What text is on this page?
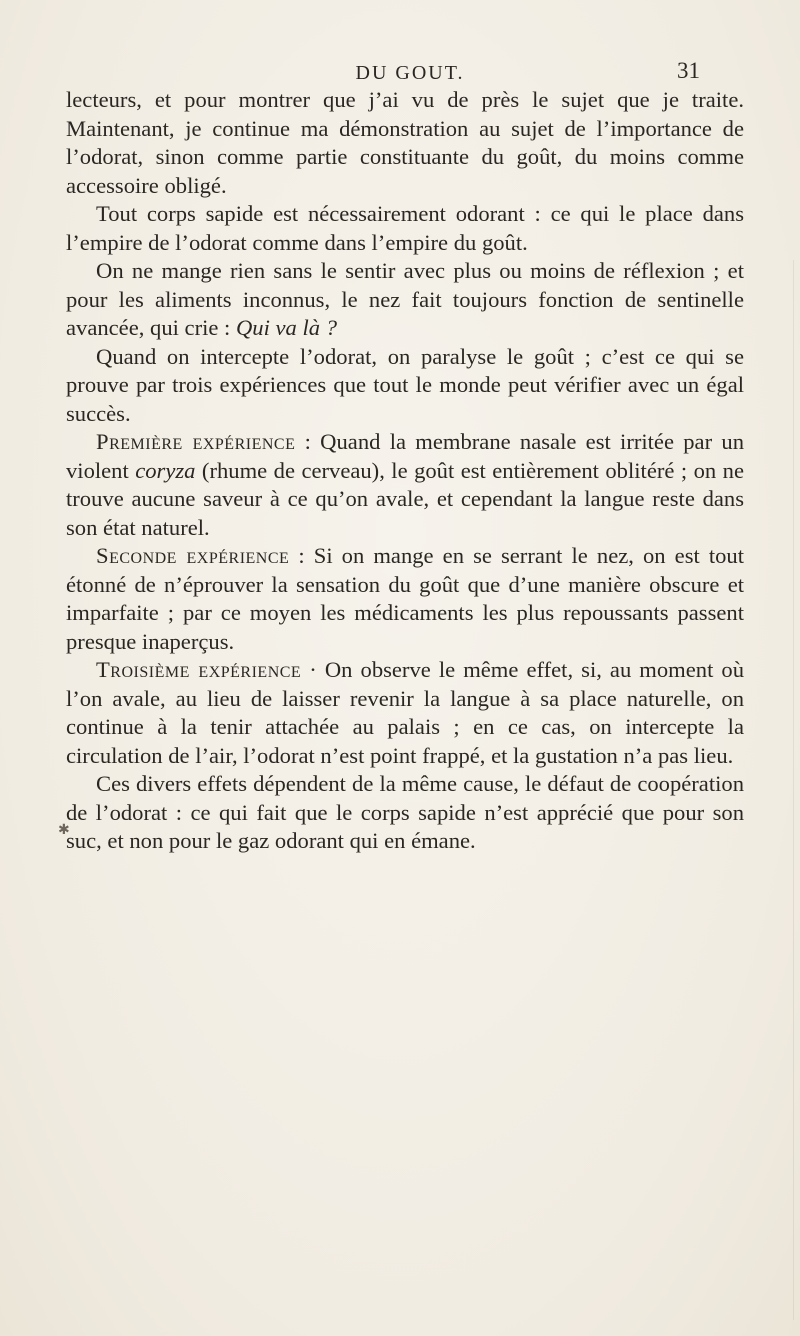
DU GOUT.	31

lecteurs, et pour montrer que j’ai vu de près le sujet que je traite. Maintenant, je continue ma démonstration au sujet de l’importance de l’odorat, sinon comme partie constituante du goût, du moins comme accessoire obligé.

Tout corps sapide est nécessairement odorant : ce qui le place dans l’empire de l’odorat comme dans l’empire du goût.

On ne mange rien sans le sentir avec plus ou moins de réflexion ; et pour les aliments inconnus, le nez fait toujours fonction de sentinelle avancée, qui crie : Qui va là ?

Quand on intercepte l’odorat, on paralyse le goût ; c’est ce qui se prouve par trois expériences que tout le monde peut vérifier avec un égal succès.

Première expérience : Quand la membrane nasale est irritée par un violent coryza (rhume de cerveau), le goût est entièrement oblitéré ; on ne trouve aucune saveur à ce qu’on avale, et cependant la langue reste dans son état naturel.

Seconde expérience : Si on mange en se serrant le nez, on est tout étonné de n’éprouver la sensation du goût que d’une manière obscure et imparfaite ; par ce moyen les médicaments les plus repoussants passent presque inaperçus.

Troisième expérience · On observe le même effet, si, au moment où l’on avale, au lieu de laisser revenir la langue à sa place naturelle, on continue à la tenir attachée au palais ; en ce cas, on intercepte la circulation de l’air, l’odorat n’est point frappé, et la gustation n’a pas lieu.

Ces divers effets dépendent de la même cause, le défaut de coopération de l’odorat : ce qui fait que le corps sapide n’est apprécié que pour son suc, et non pour le gaz odorant qui en émane.

✱
